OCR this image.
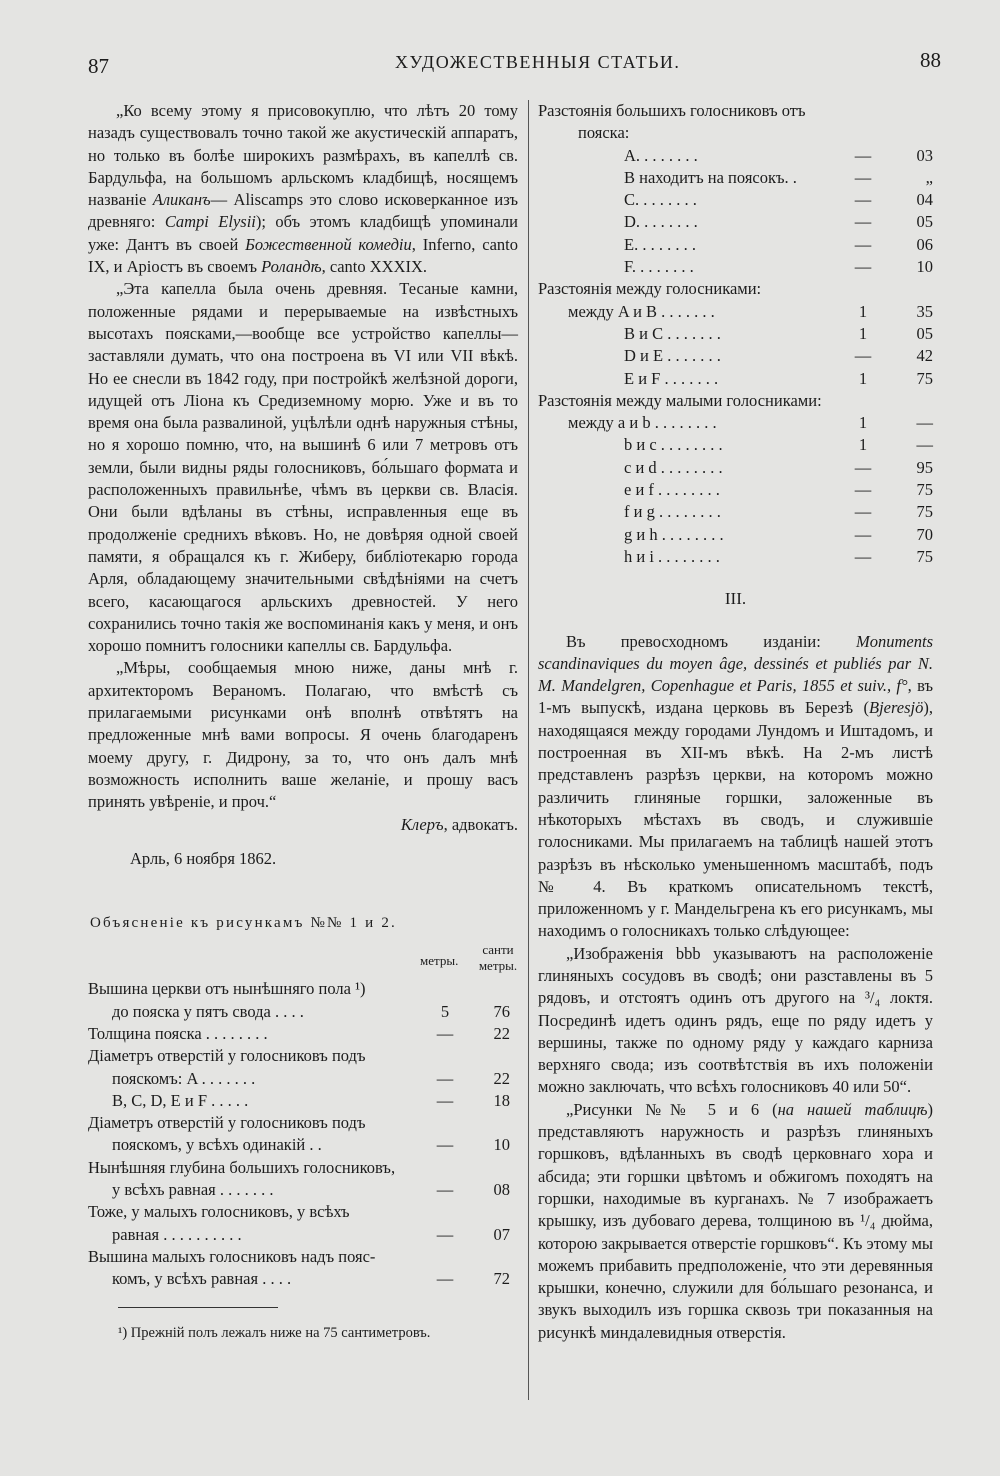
87	ХУДОЖЕСТВЕННЫЯ СТАТЬИ.	88

„Ко всему этому я присовокуплю, что лѣтъ 20 тому назадъ существовалъ точно такой же акустическій аппаратъ, но только въ болѣе широкихъ размѣрахъ, въ капеллѣ св. Бардульфа, на большомъ арльскомъ кладбищѣ, носящемъ названіе Аликанъ— Aliscamps это слово исковерканное изъ древняго: Campi Elysii); объ этомъ кладбищѣ упоминали уже: Дантъ въ своей Божественной комедіи, Inferno, canto IX, и Аріостъ въ своемъ Роландѣ, canto XXXIX.

„Эта капелла была очень древняя. Тесаные камни, положенные рядами и перерываемые на извѣстныхъ высотахъ поясками,—вообще все устройство капеллы—заставляли думать, что она построена въ VI или VII вѣкѣ. Но ее снесли въ 1842 году, при постройкѣ желѣзной дороги, идущей отъ Ліона къ Средиземному морю. Уже и въ то время она была развалиной, уцѣлѣли однѣ наружныя стѣны, но я хорошо помню, что, на вышинѣ 6 или 7 метровъ отъ земли, были видны ряды голосниковъ, бо́льшаго формата и расположенныхъ правильнѣе, чѣмъ въ церкви св. Власія. Они были вдѣланы въ стѣны, исправленныя еще въ продолженіе среднихъ вѣковъ. Но, не довѣряя одной своей памяти, я обращался къ г. Жиберу, библіотекарю города Арля, обладающему значительными свѣдѣніями на счетъ всего, касающагося арльскихъ древностей. У него сохранились точно такія же воспоминанія какъ у меня, и онъ хорошо помнитъ голосники капеллы св. Бардульфа.

„Мѣры, сообщаемыя мною ниже, даны мнѣ г. архитекторомъ Вераномъ. Полагаю, что вмѣстѣ съ прилагаемыми рисунками онѣ вполнѣ отвѣтятъ на предложенные мнѣ вами вопросы. Я очень благодаренъ моему другу, г. Дидрону, за то, что онъ далъ мнѣ возможность исполнить ваше желаніе, и прошу васъ принять увѣреніе, и проч.“

Клеръ, адвокатъ.

Арль, 6 ноября 1862.

Объясненіе къ рисункамъ №№ 1 и 2.
метры.
санти метры.
Вышина церкви отъ нынѣшняго пола ¹)
до пояска у пятъ свода . . . .	5	76
Толщина пояска . . . . . . . .	—	22
Діаметръ отверстій у голосниковъ подъ
пояскомъ: A . . . . . . .	—	22
B, C, D, E и F . . . . .	—	18
Діаметръ отверстій у голосниковъ подъ
пояскомъ, у всѣхъ одинакій . .	—	10
Нынѣшняя глубина большихъ голосниковъ,
у всѣхъ равная . . . . . . .	—	08
Тоже, у малыхъ голосниковъ, у всѣхъ
равная . . . . . . . . . .	—	07
Вышина малыхъ голосниковъ надъ пояс-
комъ, у всѣхъ равная . . . .	—	72

¹) Прежній полъ лежалъ ниже на 75 сантиметровъ.

Разстоянія большихъ голосниковъ отъ
пояска:
A. . . . . . . .	—	03
B находитъ на поясокъ. .	—	„
C. . . . . . . .	—	04
D. . . . . . . .	—	05
E. . . . . . . .	—	06
F. . . . . . . .	—	10
Разстоянія между голосниками:
между A и B . . . . . . .	1	35
B и C . . . . . . .	1	05
D и E . . . . . . .	—	42
E и F . . . . . . .	1	75
Разстоянія между малыми голосниками:
между a и b . . . . . . . .	1	—
b и c . . . . . . . .	1	—
c и d . . . . . . . .	—	95
e и f . . . . . . . .	—	75
f и g . . . . . . . .	—	75
g и h . . . . . . . .	—	70
h и i . . . . . . . .	—	75
III.

Въ превосходномъ изданіи: Monuments scandinaviques du moyen âge, dessinés et publiés par N. M. Mandelgren, Copenhague et Paris, 1855 et suiv., f°, въ 1-мъ выпускѣ, издана церковь въ Березѣ (Bjeresjö), находящаяся между городами Лундомъ и Иштадомъ, и построенная въ XII-мъ вѣкѣ. На 2-мъ листѣ представленъ разрѣзъ церкви, на которомъ можно различить глиняные горшки, заложенные въ нѣкоторыхъ мѣстахъ въ сводъ, и служившіе голосниками. Мы прилагаемъ на таблицѣ нашей этотъ разрѣзъ въ нѣсколько уменьшенномъ масштабѣ, подъ № 4. Въ краткомъ описательномъ текстѣ, приложенномъ у г. Мандельгрена къ его рисункамъ, мы находимъ о голосникахъ только слѣдующее:

„Изображенія bbb указываютъ на расположеніе глиняныхъ сосудовъ въ сводѣ; они разставлены въ 5 рядовъ, и отстоятъ одинъ отъ другого на ³/₄ локтя. Посрединѣ идетъ одинъ рядъ, еще по ряду идетъ у вершины, также по одному ряду у каждаго карниза верхняго свода; изъ соотвѣтствія въ ихъ положеніи можно заключать, что всѣхъ голосниковъ 40 или 50“.

„Рисунки №№ 5 и 6 (на нашей таблицѣ) представляютъ наружность и разрѣзъ глиняныхъ горшковъ, вдѣланныхъ въ сводѣ церковнаго хора и абсида; эти горшки цвѣтомъ и обжигомъ походятъ на горшки, находимые въ курганахъ. № 7 изображаетъ крышку, изъ дубоваго дерева, толщиною въ ¹/₄ дюйма, которою закрывается отверстіе горшковъ“. Къ этому мы можемъ прибавить предположеніе, что эти деревянныя крышки, конечно, служили для бо́льшаго резонанса, и звукъ выходилъ изъ горшка сквозь три показанныя на рисункѣ миндалевидныя отверстія.
